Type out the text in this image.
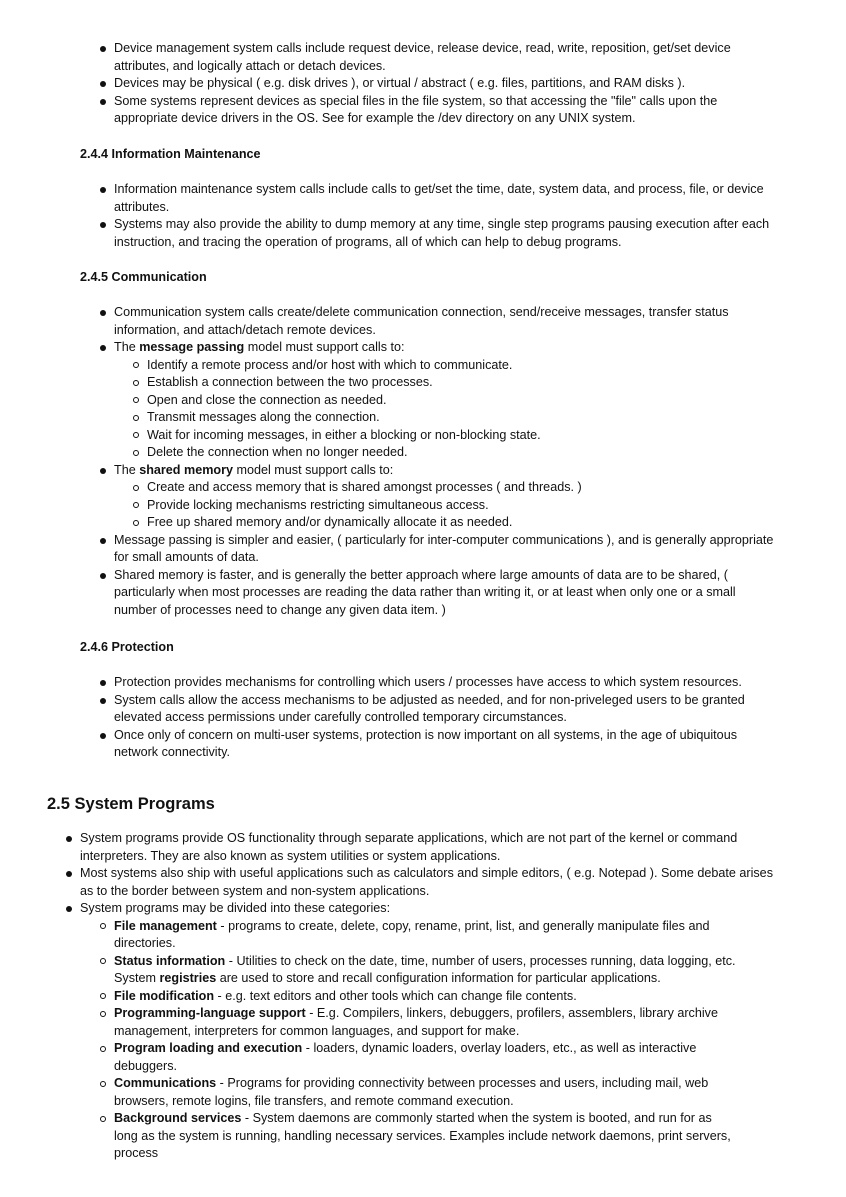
Device management system calls include request device, release device, read, write, reposition, get/set device attributes, and logically attach or detach devices.
Devices may be physical ( e.g. disk drives ), or virtual / abstract ( e.g. files, partitions, and RAM disks ).
Some systems represent devices as special files in the file system, so that accessing the "file" calls upon the appropriate device drivers in the OS. See for example the /dev directory on any UNIX system.
2.4.4 Information Maintenance
Information maintenance system calls include calls to get/set the time, date, system data, and process, file, or device attributes.
Systems may also provide the ability to dump memory at any time, single step programs pausing execution after each instruction, and tracing the operation of programs, all of which can help to debug programs.
2.4.5 Communication
Communication system calls create/delete communication connection, send/receive messages, transfer status information, and attach/detach remote devices.
The message passing model must support calls to:
Identify a remote process and/or host with which to communicate.
Establish a connection between the two processes.
Open and close the connection as needed.
Transmit messages along the connection.
Wait for incoming messages, in either a blocking or non-blocking state.
Delete the connection when no longer needed.
The shared memory model must support calls to:
Create and access memory that is shared amongst processes ( and threads. )
Provide locking mechanisms restricting simultaneous access.
Free up shared memory and/or dynamically allocate it as needed.
Message passing is simpler and easier, ( particularly for inter-computer communications ), and is generally appropriate for small amounts of data.
Shared memory is faster, and is generally the better approach where large amounts of data are to be shared, ( particularly when most processes are reading the data rather than writing it, or at least when only one or a small number of processes need to change any given data item. )
2.4.6 Protection
Protection provides mechanisms for controlling which users / processes have access to which system resources.
System calls allow the access mechanisms to be adjusted as needed, and for non-priveleged users to be granted elevated access permissions under carefully controlled temporary circumstances.
Once only of concern on multi-user systems, protection is now important on all systems, in the age of ubiquitous network connectivity.
2.5 System Programs
System programs provide OS functionality through separate applications, which are not part of the kernel or command interpreters. They are also known as system utilities or system applications.
Most systems also ship with useful applications such as calculators and simple editors, ( e.g. Notepad ). Some debate arises as to the border between system and non-system applications.
System programs may be divided into these categories:
File management - programs to create, delete, copy, rename, print, list, and generally manipulate files and directories.
Status information - Utilities to check on the date, time, number of users, processes running, data logging, etc. System registries are used to store and recall configuration information for particular applications.
File modification - e.g. text editors and other tools which can change file contents.
Programming-language support - E.g. Compilers, linkers, debuggers, profilers, assemblers, library archive management, interpreters for common languages, and support for make.
Program loading and execution - loaders, dynamic loaders, overlay loaders, etc., as well as interactive debuggers.
Communications - Programs for providing connectivity between processes and users, including mail, web browsers, remote logins, file transfers, and remote command execution.
Background services - System daemons are commonly started when the system is booted, and run for as long as the system is running, handling necessary services. Examples include network daemons, print servers, process
